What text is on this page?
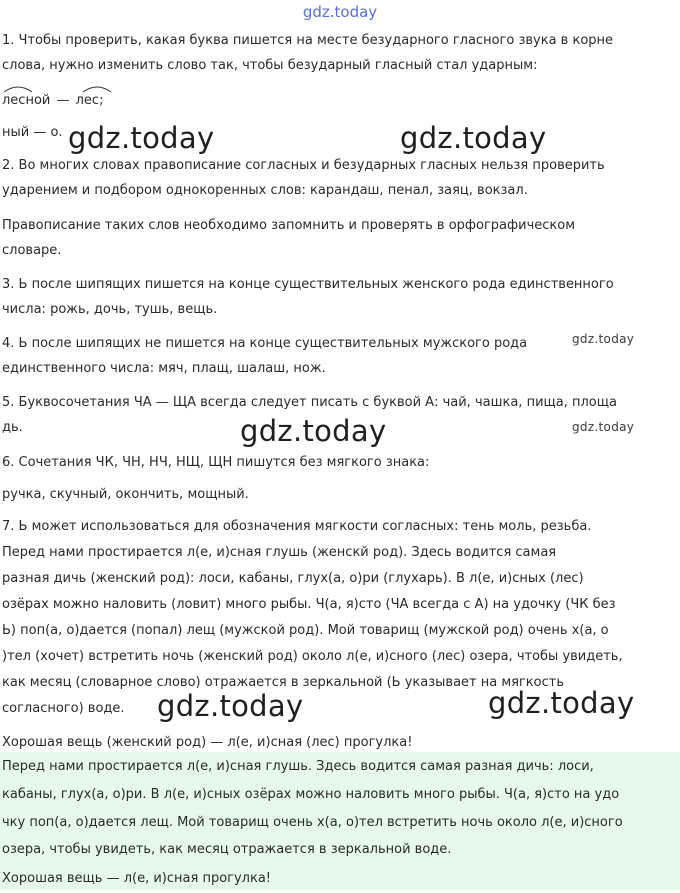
gdz.today

1. Чтобы проверить, какая буква пишется на месте безударного гласного звука в корне

слова, нужно изменить слово так, чтобы безударный гласный стал ударным:

лесной — лес;

ный — о.

2. Во многих словах правописание согласных и безударных гласных нельзя проверить

ударением и подбором однокоренных слов: карандаш, пенал, заяц, вокзал.

Правописание таких слов необходимо запомнить и проверять в орфографическом

словаре.

3. Ь после шипящих пишется на конце существительных женского рода единственного

числа: рожь, дочь, тушь, вещь.

4. Ь после шипящих не пишется на конце существительных мужского рода

единственного числа: мяч, плащ, шалаш, нож.

5. Буквосочетания ЧА — ЩА всегда следует писать с буквой А: чай, чашка, пища, площа

дь.

6. Сочетания ЧК, ЧН, НЧ, НЩ, ЩН пишутся без мягкого знака:

ручка, скучный, окончить, мощный.

7. Ь может использоваться для обозначения мягкости согласных: тень моль, резьба.

Перед нами простирается л(е, и)сная глушь (женскй род). Здесь водится самая

разная дичь (женский род): лоси, кабаны, глух(а, о)ри (глухарь). В л(е, и)сных (лес)

озёрах можно наловить (ловит) много рыбы. Ч(а, я)сто (ЧА всегда с А) на удочку (ЧК без

Ь) поп(а, о)дается (попал) лещ (мужской род). Мой товарищ (мужской род) очень х(а, о

)тел (хочет) встретить ночь (женский род) около л(е, и)сного (лес) озера, чтобы увидеть,

как месяц (словарное слово) отражается в зеркальной (Ь указывает на мягкость

согласного) воде.

Хорошая вещь (женский род) — л(е, и)сная (лес) прогулка!

Перед нами простирается л(е, и)сная глушь. Здесь водится самая разная дичь: лоси,

кабаны, глух(а, о)ри. В л(е, и)сных озёрах можно наловить много рыбы. Ч(а, я)сто на удо

чку поп(а, о)дается лещ. Мой товарищ очень х(а, о)тел встретить ночь около л(е, и)сного

озера, чтобы увидеть, как месяц отражается в зеркальной воде.

Хорошая вещь — л(е, и)сная прогулка!

gdz.today	gdz.today
gdz.today
gdz.today	gdz.today
gdz.today	gdz.today
